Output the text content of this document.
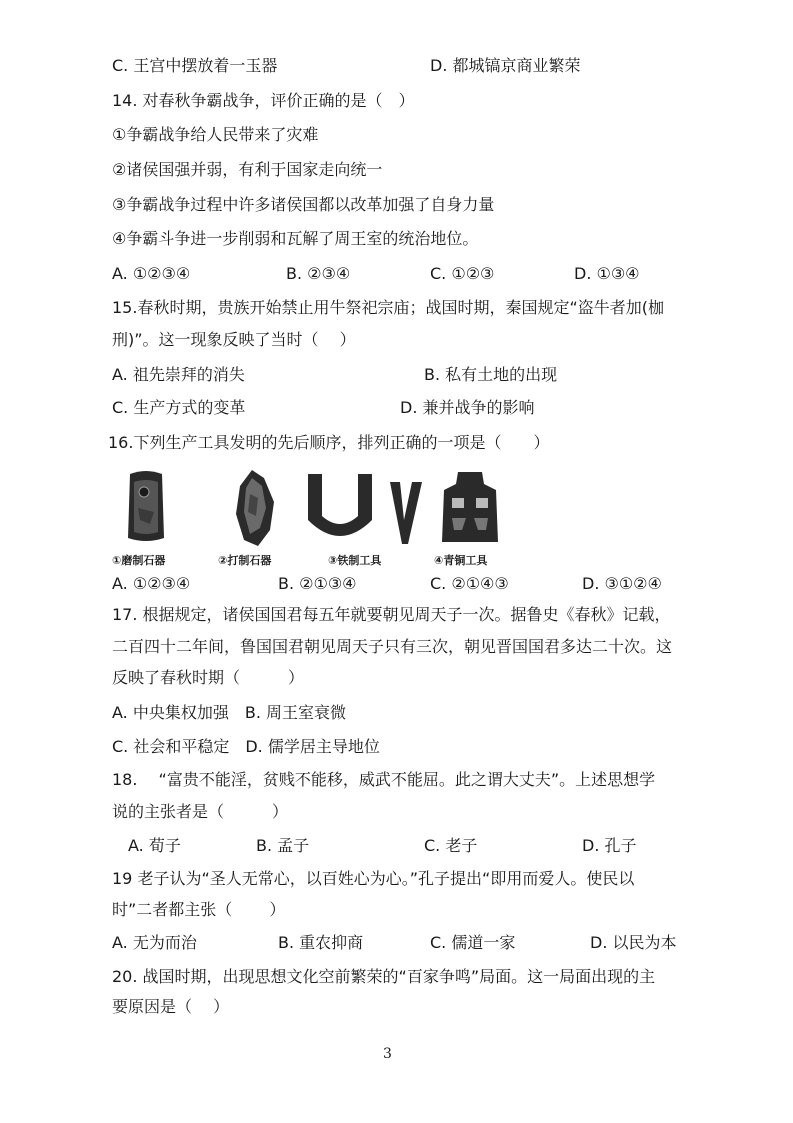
C. 王宫中摆放着一玉器	D. 都城镐京商业繁荣
14. 对春秋争霸战争，评价正确的是（　）
①争霸战争给人民带来了灾难
②诸侯国强并弱，有利于国家走向统一
③争霸战争过程中许多诸侯国都以改革加强了自身力量
④争霸斗争进一步削弱和瓦解了周王室的统治地位。
A. ①②③④	B. ②③④	C. ①②③	D. ①③④
15.春秋时期，贵族开始禁止用牛祭祀宗庙；战国时期，秦国规定“盗牛者加(枷
刑)”。这一现象反映了当时（　 ）
A. 祖先崇拜的消失	B. 私有土地的出现
C. 生产方式的变革	D. 兼并战争的影响
16.下列生产工具发明的先后顺序，排列正确的一项是（　　）
①磨制石器	②打制石器	③铁制工具	④青铜工具
A. ①②③④	B. ②①③④	C. ②①④③	D. ③①②④
17. 根据规定，诸侯国国君每五年就要朝见周天子一次。据鲁史《春秋》记载，
二百四十二年间，鲁国国君朝见周天子只有三次，朝见晋国国君多达二十次。这
反映了春秋时期（　　　）
A. 中央集权加强　B. 周王室衰微
C. 社会和平稳定　D. 儒学居主导地位
18.　 “富贵不能淫，贫贱不能移，威武不能屈。此之谓大丈夫”。上述思想学
说的主张者是（　　　）
A. 荀子	B. 孟子	C. 老子	D. 孔子
19 老子认为“圣人无常心，以百姓心为心。”孔子提出“即用而爱人。使民以
时”二者都主张（　　 ）
A. 无为而治	B. 重农抑商	C. 儒道一家	D. 以民为本
20. 战国时期，出现思想文化空前繁荣的“百家争鸣”局面。这一局面出现的主
要原因是（　 ）
3
